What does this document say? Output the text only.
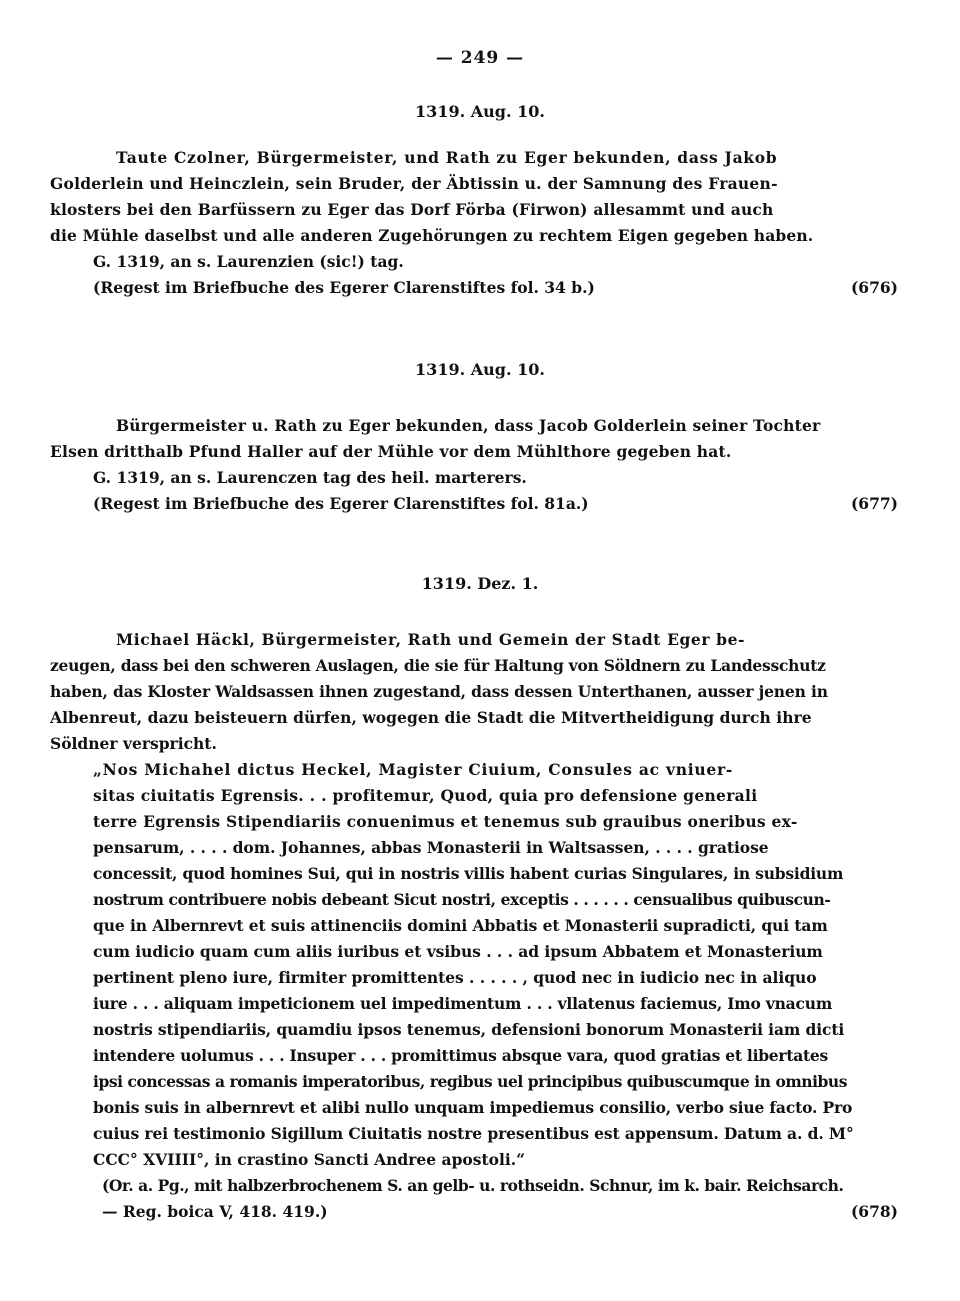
— 249 —
1319. Aug. 10.
Taute Czolner, Bürgermeister, und Rath zu Eger bekunden, dass Jakob
Golderlein und Heinczlein, sein Bruder, der Äbtissin u. der Samnung des Frauen-
klosters bei den Barfüssern zu Eger das Dorf Förba (Firwon) allesammt und auch
die Mühle daselbst und alle anderen Zugehörungen zu rechtem Eigen gegeben haben.
G. 1319, an s. Laurenzien (sic!) tag.
(Regest im Briefbuche des Egerer Clarenstiftes fol. 34 b.)	(676)
1319. Aug. 10.
Bürgermeister u. Rath zu Eger bekunden, dass Jacob Golderlein seiner Tochter
Elsen dritthalb Pfund Haller auf der Mühle vor dem Mühlthore gegeben hat.
G. 1319, an s. Laurenczen tag des heil. marterers.
(Regest im Briefbuche des Egerer Clarenstiftes fol. 81a.)	(677)
1319. Dez. 1.
Michael Häckl, Bürgermeister, Rath und Gemein der Stadt Eger be-
zeugen, dass bei den schweren Auslagen, die sie für Haltung von Söldnern zu Landesschutz
haben, das Kloster Waldsassen ihnen zugestand, dass dessen Unterthanen, ausser jenen in
Albenreut, dazu beisteuern dürfen, wogegen die Stadt die Mitvertheidigung durch ihre
Söldner verspricht.
„Nos Michahel dictus Heckel, Magister Ciuium, Consules ac vniuer-
sitas ciuitatis Egrensis. . . profitemur, Quod, quia pro defensione generali
terre Egrensis Stipendiariis conuenimus et tenemus sub grauibus oneribus ex-
pensarum, . . . . dom. Johannes, abbas Monasterii in Waltsassen, . . . . gratiose
concessit, quod homines Sui, qui in nostris villis habent curias Singulares, in subsidium
nostrum contribuere nobis debeant Sicut nostri, exceptis . . . . . . censualibus quibuscun-
que in Albernrevt et suis attinenciis domini Abbatis et Monasterii supradicti, qui tam
cum iudicio quam cum aliis iuribus et vsibus . . . ad ipsum Abbatem et Monasterium
pertinent pleno iure, firmiter promittentes . . . . . , quod nec in iudicio nec in aliquo
iure . . . aliquam impeticionem uel impedimentum . . . vllatenus faciemus, Imo vnacum
nostris stipendiariis, quamdiu ipsos tenemus, defensioni bonorum Monasterii iam dicti
intendere uolumus . . . Insuper . . . promittimus absque vara, quod gratias et libertates
ipsi concessas a romanis imperatoribus, regibus uel principibus quibuscumque in omnibus
bonis suis in albernrevt et alibi nullo unquam impediemus consilio, verbo siue facto. Pro
cuius rei testimonio Sigillum Ciuitatis nostre presentibus est appensum. Datum a. d. M°
CCC° XVIIII°, in crastino Sancti Andree apostoli.“
(Or. a. Pg., mit halbzerbrochenem S. an gelb- u. rothseidn. Schnur, im k. bair. Reichsarch.
— Reg. boica V, 418. 419.)	(678)
